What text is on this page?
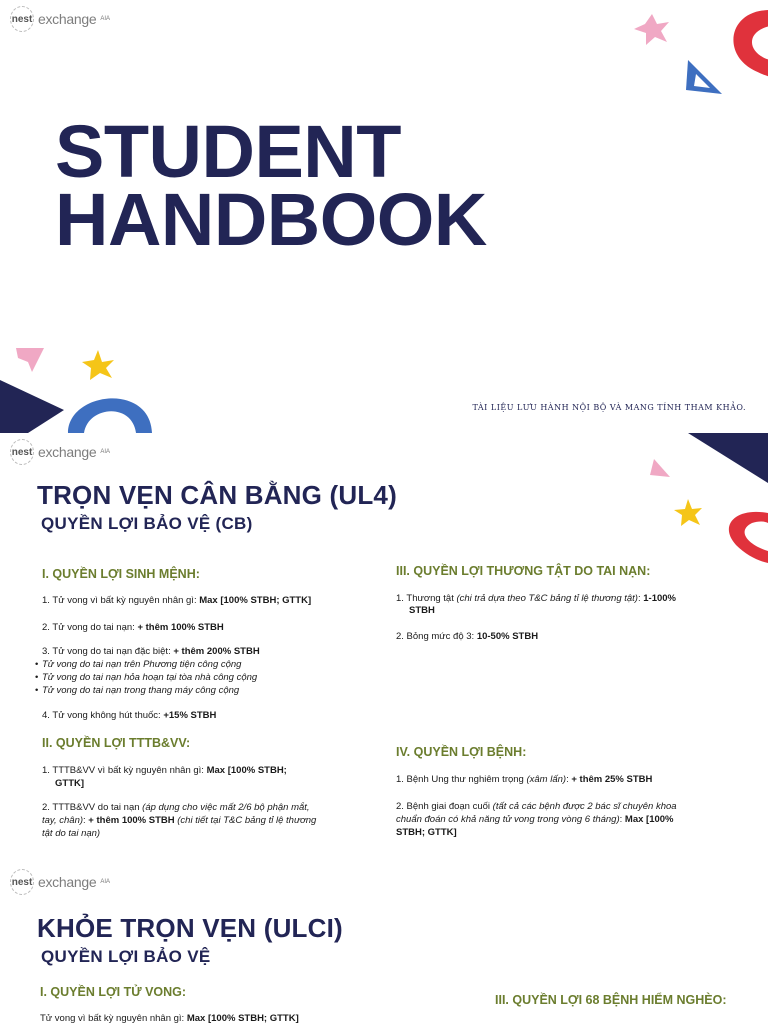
nest exchange AIA
STUDENT
HANDBOOK
TÀI LIỆU LƯU HÀNH NỘI BỘ VÀ MANG TÍNH THAM KHẢO.
nest exchange AIA
TRỌN VẸN CÂN BẰNG (UL4)
QUYỀN LỢI BẢO VỆ (CB)
I. QUYỀN LỢI SINH MỆNH:
1. Tử vong vì bất kỳ nguyên nhân gì: Max [100% STBH; GTTK]
2. Tử vong do tai nạn: + thêm 100% STBH
3. Tử vong do tai nạn đặc biệt: + thêm 200% STBH
• Tử vong do tai nạn trên Phương tiện công cộng
• Tử vong do tai nạn hỏa hoạn tại tòa nhà công cộng
• Tử vong do tai nạn trong thang máy công cộng
4. Tử vong không hút thuốc: +15% STBH
II. QUYỀN LỢI TTTB&VV:
1. TTTB&VV vì bất kỳ nguyên nhân gì: Max [100% STBH;
GTTK]
2. TTTB&VV do tai nạn (áp dụng cho việc mất 2/6 bộ phận mắt,
tay, chân): + thêm 100% STBH (chi tiết tại T&C bảng tỉ lệ thương
tật do tai nạn)
III. QUYỀN LỢI THƯƠNG TẬT DO TAI NẠN:
1. Thương tật (chi trả dựa theo T&C bảng tỉ lệ thương tật): 1-100%
STBH
2. Bỏng mức độ 3: 10-50% STBH
IV. QUYỀN LỢI BỆNH:
1. Bệnh Ung thư nghiêm trọng (xâm lấn): + thêm 25% STBH
2. Bệnh giai đoạn cuối (tất cả các bệnh được 2 bác sĩ chuyên khoa
chuẩn đoán có khả năng tử vong trong vòng 6 tháng): Max [100%
STBH; GTTK]
nest exchange AIA
KHỎE TRỌN VẸN (ULCI)
QUYỀN LỢI BẢO VỆ
I. QUYỀN LỢI TỬ VONG:
III. QUYỀN LỢI 68 BỆNH HIỂM NGHÈO:
Tử vong vì bất kỳ nguyên nhân gì: Max [100% STBH; GTTK]
